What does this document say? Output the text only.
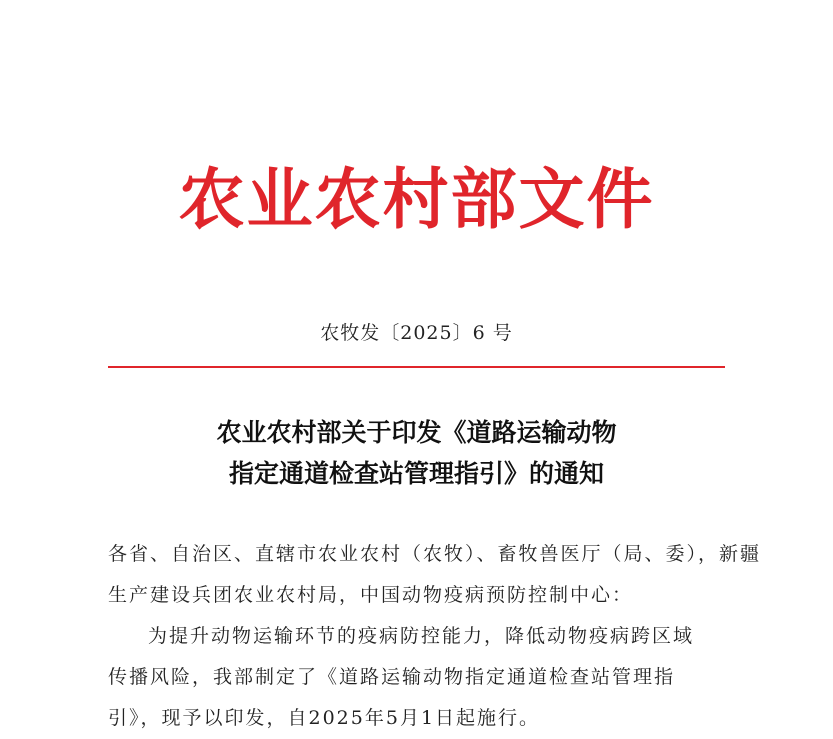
农业农村部文件
农牧发〔2025〕6 号
农业农村部关于印发《道路运输动物
指定通道检查站管理指引》的通知

各省、自治区、直辖市农业农村（农牧）、畜牧兽医厅（局、委），新疆

生产建设兵团农业农村局，中国动物疫病预防控制中心：

为提升动物运输环节的疫病防控能力，降低动物疫病跨区域

传播风险，我部制定了《道路运输动物指定通道检查站管理指

引》，现予以印发，自2025年5月1日起施行。
